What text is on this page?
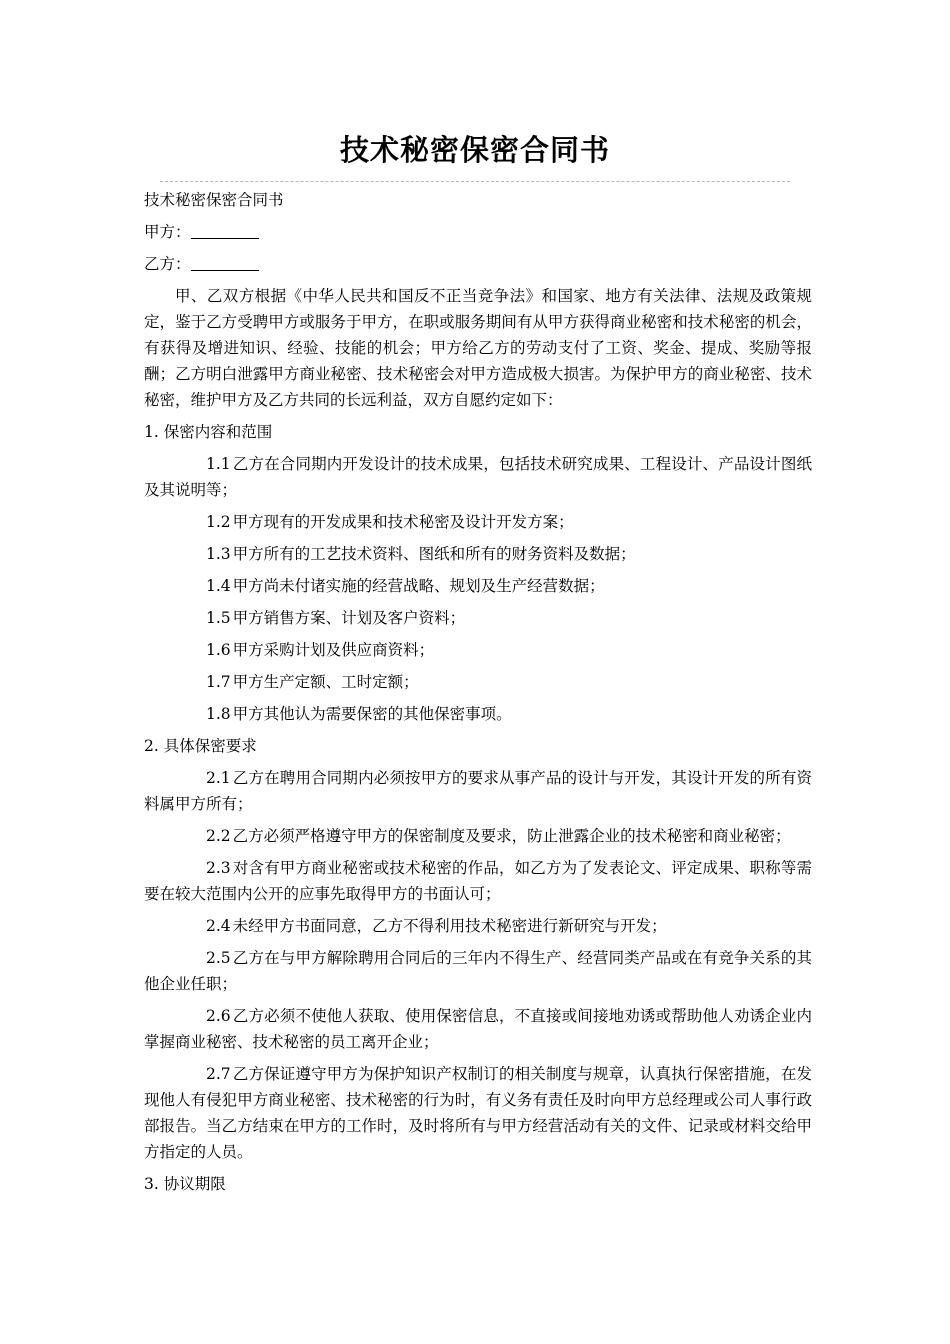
技术秘密保密合同书

技术秘密保密合同书

甲方：

乙方：

甲、乙双方根据《中华人民共和国反不正当竞争法》和国家、地方有关法律、法规及政策规定，鉴于乙方受聘甲方或服务于甲方，在职或服务期间有从甲方获得商业秘密和技术秘密的机会，有获得及增进知识、经验、技能的机会；甲方给乙方的劳动支付了工资、奖金、提成、奖励等报酬；乙方明白泄露甲方商业秘密、技术秘密会对甲方造成极大损害。为保护甲方的商业秘密、技术秘密，维护甲方及乙方共同的长远利益，双方自愿约定如下：

1. 保密内容和范围

1.1 乙方在合同期内开发设计的技术成果，包括技术研究成果、工程设计、产品设计图纸及其说明等；

1.2 甲方现有的开发成果和技术秘密及设计开发方案；

1.3 甲方所有的工艺技术资料、图纸和所有的财务资料及数据；

1.4 甲方尚未付诸实施的经营战略、规划及生产经营数据；

1.5 甲方销售方案、计划及客户资料；

1.6 甲方采购计划及供应商资料；

1.7 甲方生产定额、工时定额；

1.8 甲方其他认为需要保密的其他保密事项。

2. 具体保密要求

2.1 乙方在聘用合同期内必须按甲方的要求从事产品的设计与开发，其设计开发的所有资料属甲方所有；

2.2 乙方必须严格遵守甲方的保密制度及要求，防止泄露企业的技术秘密和商业秘密；

2.3 对含有甲方商业秘密或技术秘密的作品，如乙方为了发表论文、评定成果、职称等需要在较大范围内公开的应事先取得甲方的书面认可；

2.4 未经甲方书面同意，乙方不得利用技术秘密进行新研究与开发；

2.5 乙方在与甲方解除聘用合同后的三年内不得生产、经营同类产品或在有竞争关系的其他企业任职；

2.6 乙方必须不使他人获取、使用保密信息，不直接或间接地劝诱或帮助他人劝诱企业内掌握商业秘密、技术秘密的员工离开企业；

2.7 乙方保证遵守甲方为保护知识产权制订的相关制度与规章，认真执行保密措施，在发现他人有侵犯甲方商业秘密、技术秘密的行为时，有义务有责任及时向甲方总经理或公司人事行政部报告。当乙方结束在甲方的工作时，及时将所有与甲方经营活动有关的文件、记录或材料交给甲方指定的人员。

3. 协议期限
